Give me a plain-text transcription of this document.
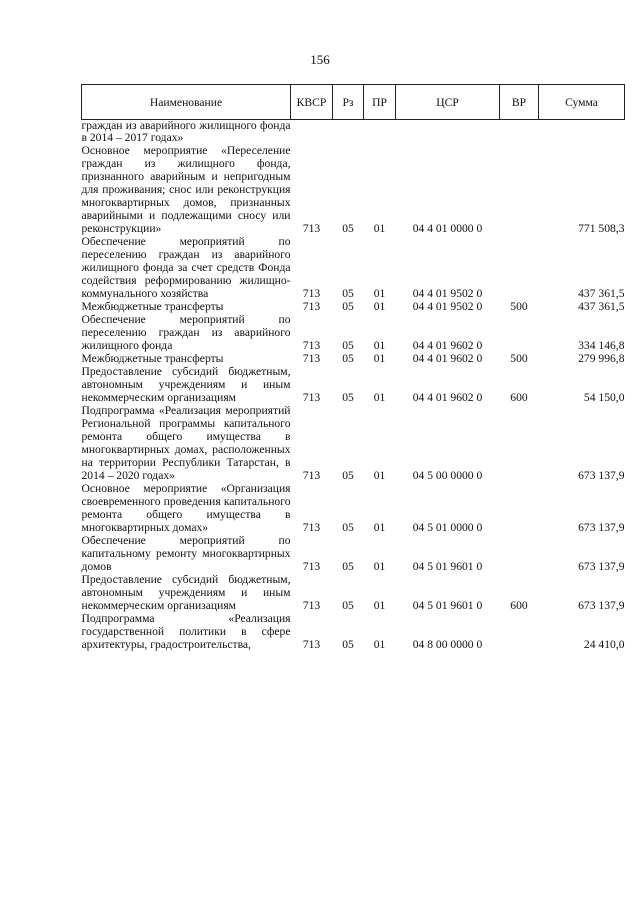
156
Наименование	КВСР	Рз	ПР	ЦСР	ВР	Сумма
граждан из аварийного жилищного фонда в 2014 – 2017 годах»						
Основное мероприятие «Переселение граждан из жилищного фонда, признанного аварийным и непригодным для проживания; снос или реконструкция многоквартирных домов, признанных аварийными и подлежащими сносу или реконструкции»	713	05	01	04 4 01 0000 0		771 508,3
Обеспечение мероприятий по переселению граждан из аварийного жилищного фонда за счет средств Фонда содействия реформированию жилищно-коммунального хозяйства	713	05	01	04 4 01 9502 0		437 361,5
Межбюджетные трансферты	713	05	01	04 4 01 9502 0	500	437 361,5
Обеспечение мероприятий по переселению граждан из аварийного жилищного фонда	713	05	01	04 4 01 9602 0		334 146,8
Межбюджетные трансферты	713	05	01	04 4 01 9602 0	500	279 996,8
Предоставление субсидий бюджетным, автономным учреждениям и иным некоммерческим организациям	713	05	01	04 4 01 9602 0	600	54 150,0
Подпрограмма «Реализация мероприятий Региональной программы капитального ремонта общего имущества в многоквартирных домах, расположенных на территории Республики Татарстан, в 2014 – 2020 годах»	713	05	01	04 5 00 0000 0		673 137,9
Основное мероприятие «Организация своевременного проведения капитального ремонта общего имущества в многоквартирных домах»	713	05	01	04 5 01 0000 0		673 137,9
Обеспечение мероприятий по капитальному ремонту многоквартирных домов	713	05	01	04 5 01 9601 0		673 137,9
Предоставление субсидий бюджетным, автономным учреждениям и иным некоммерческим организациям	713	05	01	04 5 01 9601 0	600	673 137,9
Подпрограмма «Реализация государственной политики в сфере архитектуры, градостроительства,	713	05	01	04 8 00 0000 0		24 410,0
